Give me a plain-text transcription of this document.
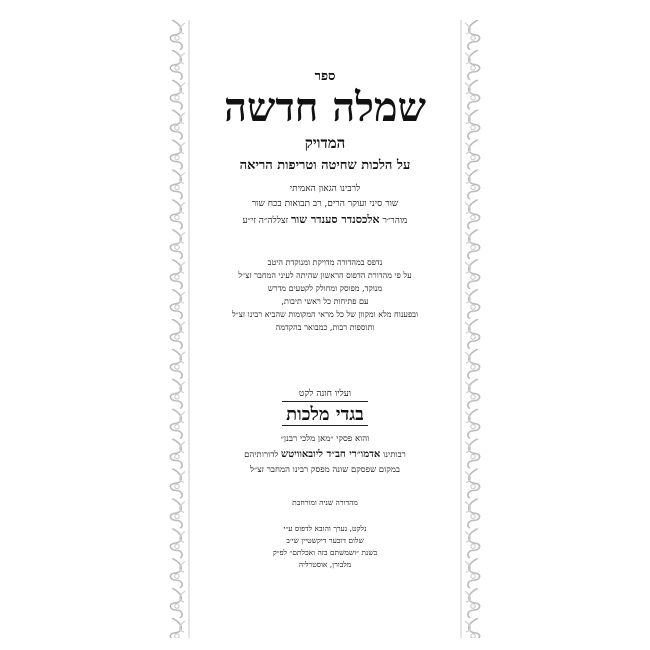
ספר
שמלה חדשה
המדויק
על הלכות שחיטה וטריפות הריאה
לרבינו הגאון האמיתי
שור סיני ועוקר הרים, רב תבואות בכח שור
מוהר״ר אלכסנדר סענדר שור זצללה״ה זי״ע
נדפס במהדורה מדויקת ומנוקדת היטב
על פי מהדורת הדפוס הראשון שהיתה לעיני המחבר זצ״ל
מנוקד, מפוסק ומחולק לקטעים מדרש
עם פתיחות כל ראשי תיבות,
ובפענוח מלא ומקוון של כל מראי המקומות שהביא רבינו זצ״ל
ותוספות רבות, כמבואר בהקדמה
ועליו חונה לקט
בגדי מלכות
והוא פסקי ״מאן מלכי רבנן״
רבותינו אדמו״רי חב״ד ליובאוויטש לדורותיהם
במקום שפסקם שונה מפסק רבינו המחבר זצ״ל
מהדורה שניה ומורחבת
נלקט, נערך והובא לדפוס ע״י
שלום דובער דיקשטיין שי׳ב
בשנת ״ושמשתם בזה ואכלתם״ לפ״ק
מלבורן, אוסטרליה
